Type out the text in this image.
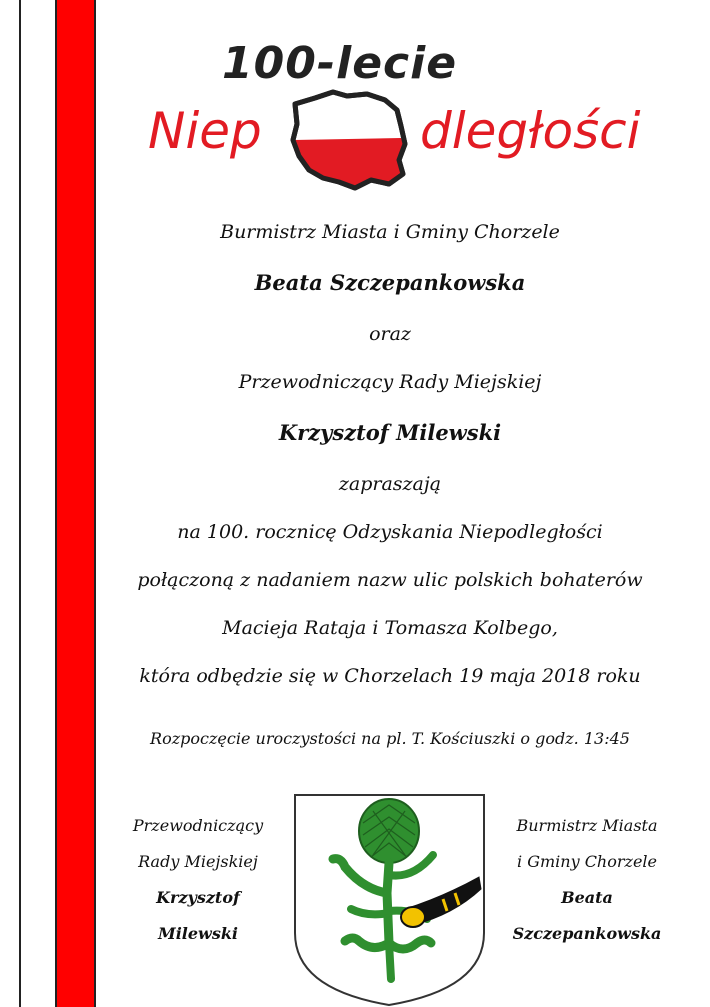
100-lecie
Niep	dległości
Burmistrz Miasta i Gminy Chorzele
Beata Szczepankowska
oraz
Przewodniczący Rady Miejskiej
Krzysztof Milewski
zapraszają
na 100. rocznicę Odzyskania Niepodległości
połączoną z nadaniem nazw ulic polskich bohaterów
Macieja Rataja i Tomasza Kolbego,
która odbędzie się w Chorzelach 19 maja 2018 roku
Rozpoczęcie uroczystości na pl. T. Kościuszki o godz. 13:45
Przewodniczący
Rady Miejskiej
Krzysztof
Milewski
Burmistrz Miasta
i Gminy Chorzele
Beata
Szczepankowska
